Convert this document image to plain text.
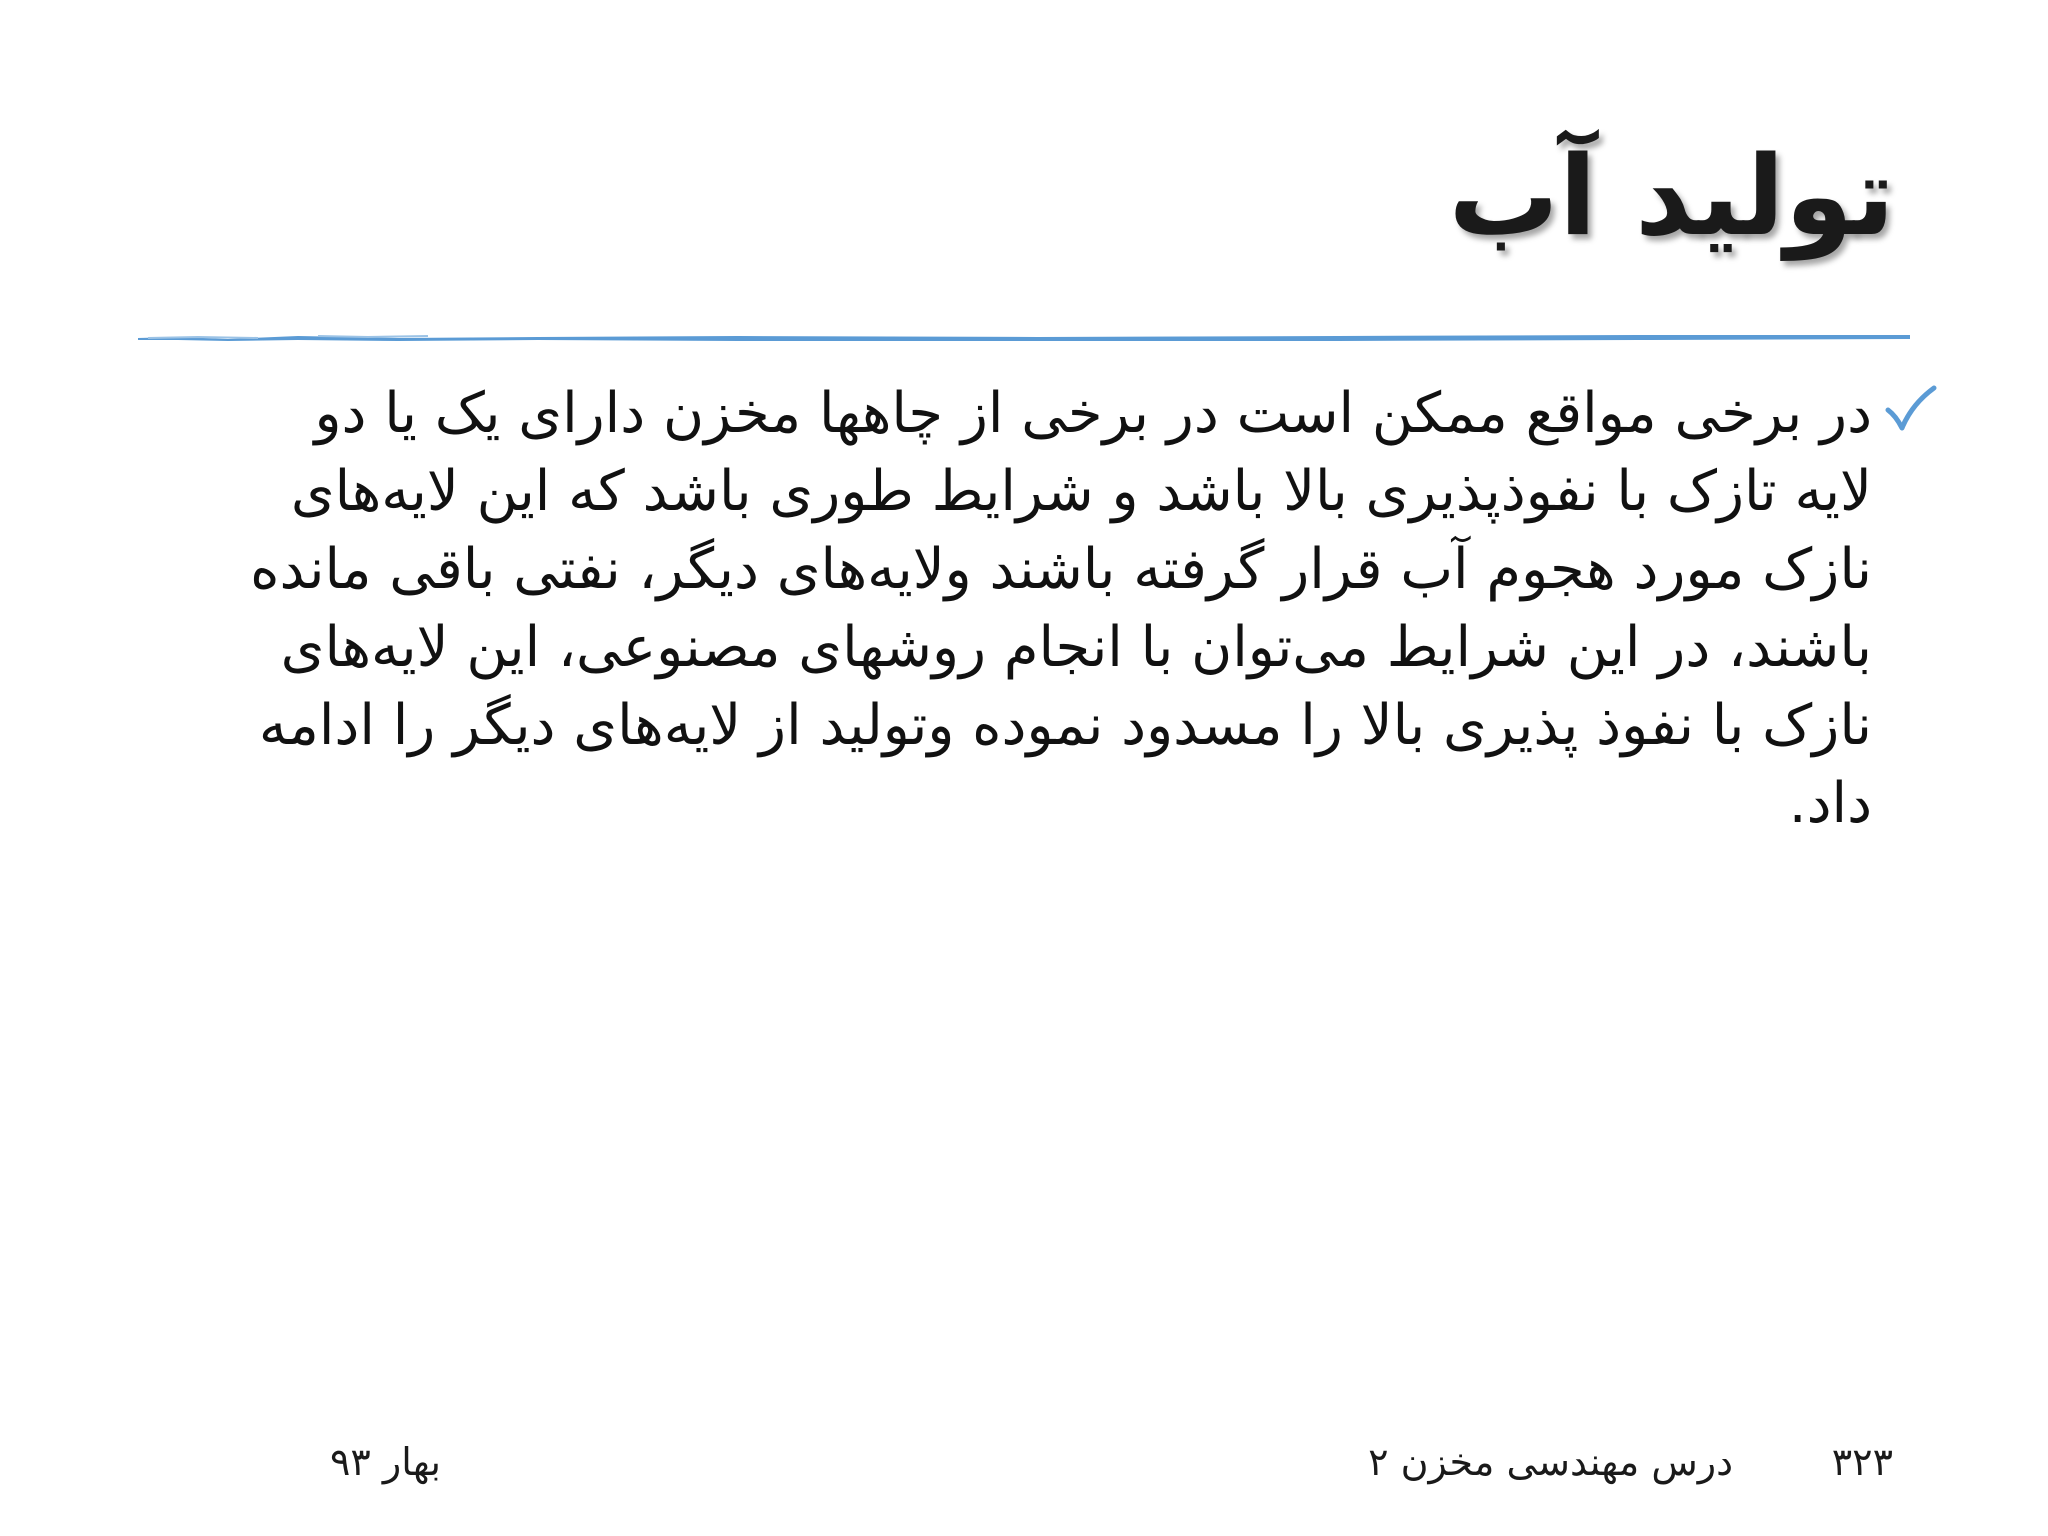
تولید آب
در برخی مواقع ممکن است در برخی از چاهها مخزن دارای یک یا دو لایه تازک با نفوذپذیری بالا باشد و شرایط طوری باشد که این لایه‌های نازک مورد هجوم آب قرار گرفته باشند ولایه‌های دیگر، نفتی باقی مانده باشند، در این شرایط می‌توان با انجام روشهای مصنوعی، این لایه‌های نازک با نفوذ پذیری بالا را مسدود نموده وتولید از لایه‌های دیگر را ادامه داد.
۳۲۳
درس مهندسی مخزن ۲
بهار ۹۳
